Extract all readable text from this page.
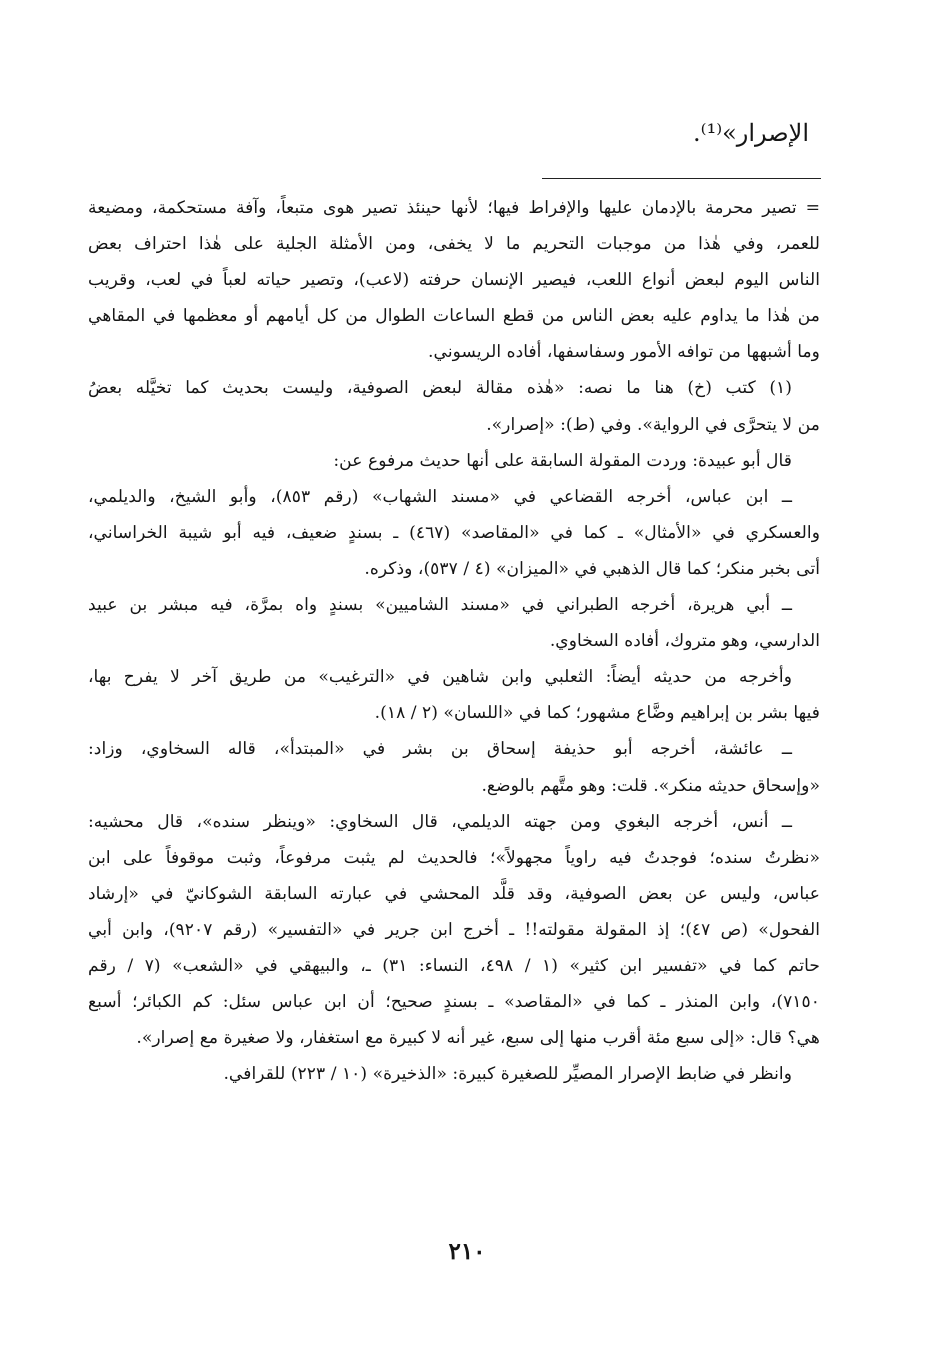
الإصرار»⁽¹⁾.
= تصير محرمة بالإدمان عليها والإفراط فيها؛ لأنها حينئذ تصير هوى متبعاً، وآفة مستحكمة، ومضيعة
للعمر، وفي هٰذا من موجبات التحريم ما لا يخفى، ومن الأمثلة الجلية على هٰذا احتراف بعض
الناس اليوم لبعض أنواع اللعب، فيصير الإنسان حرفته (لاعب)، وتصير حياته لعباً في لعب، وقريب
من هٰذا ما يداوم عليه بعض الناس من قطع الساعات الطوال من كل أيامهم أو معظمها في المقاهي
وما أشبهها من توافه الأمور وسفاسفها، أفاده الريسوني.
(١) كتب (خ) هنا ما نصه: «هٰذه مقالة لبعض الصوفية، وليست بحديث كما تخيَّله بعضُ
من لا يتحرَّى في الرواية». وفي (ط): «إصرار».
قال أبو عبيدة: وردت المقولة السابقة على أنها حديث مرفوع عن:
ــ ابن عباس، أخرجه القضاعي في «مسند الشهاب» (رقم ٨٥٣)، وأبو الشيخ، والديلمي،
والعسكري في «الأمثال» ـ كما في «المقاصد» (٤٦٧) ـ بسندٍ ضعيف، فيه أبو شيبة الخراساني،
أتى بخبر منكر؛ كما قال الذهبي في «الميزان» (٤ / ٥٣٧)، وذكره.
ــ أبي هريرة، أخرجه الطبراني في «مسند الشاميين» بسندٍ واه بمرَّة، فيه مبشر بن عبيد
الدارسي، وهو متروك، أفاده السخاوي.
وأخرجه من حديثه أيضاً: الثعلبي وابن شاهين في «الترغيب» من طريق آخر لا يفرح بها،
فيها بشر بن إبراهيم وضَّاع مشهور؛ كما في «اللسان» (٢ / ١٨).
ــ عائشة، أخرجه أبو حذيفة إسحاق بن بشر في «المبتدأ»، قاله السخاوي، وزاد:
«وإسحاق حديثه منكر». قلت: وهو متَّهم بالوضع.
ــ أنس، أخرجه البغوي ومن جهته الديلمي، قال السخاوي: «وينظر سنده»، قال محشيه:
«نظرتُ سنده؛ فوجدتُ فيه راوياً مجهولاً»؛ فالحديث لم يثبت مرفوعاً، وثبت موقوفاً على ابن
عباس، وليس عن بعض الصوفية، وقد قلَّد المحشي في عبارته السابقة الشوكانيّ في «إرشاد
الفحول» (ص ٤٧)؛ إذ المقولة مقولته!! ـ أخرج ابن جرير في «التفسير» (رقم ٩٢٠٧)، وابن أبي
حاتم كما في «تفسير ابن كثير» (١ / ٤٩٨، النساء: ٣١) ـ، والبيهقي في «الشعب» (٧ / رقم
٧١٥٠)، وابن المنذر ـ كما في «المقاصد» ـ بسندٍ صحيح؛ أن ابن عباس سئل: كم الكبائر؛ أسبع
هي؟ قال: «إلى سبع مئة أقرب منها إلى سبع، غير أنه لا كبيرة مع استغفار، ولا صغيرة مع إصرار».
وانظر في ضابط الإصرار المصيِّر للصغيرة كبيرة: «الذخيرة» (١٠ / ٢٢٣) للقرافي.
٢١٠
